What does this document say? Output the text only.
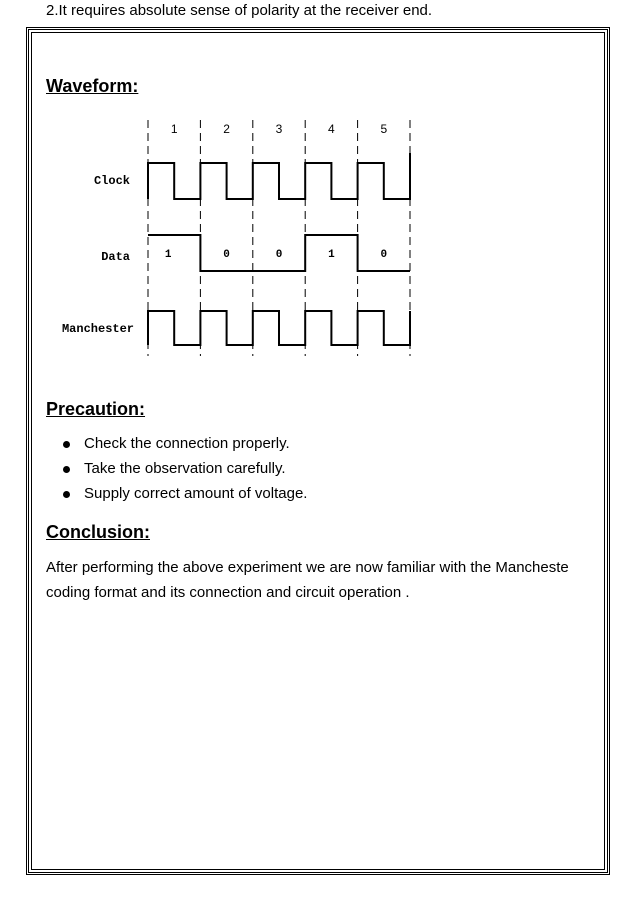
2.It requires absolute sense of polarity at the receiver end.
Waveform:
1	2	3	4	5
Clock
Data
Manchester
1	0	0	1	0
Precaution:
Check the connection properly.
Take the observation carefully.
Supply correct amount of voltage.
Conclusion:
After performing the above experiment we are now familiar with the Mancheste
coding format and its connection and circuit operation .
